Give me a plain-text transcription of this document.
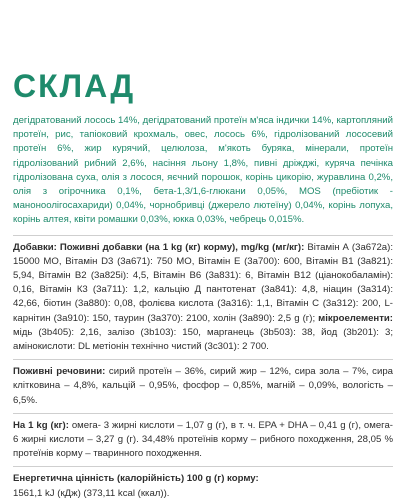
СКЛАД

дегідратований лосось 14%, дегідратований протеїн м'яса індички 14%, картопляний протеїн, рис, тапіоковий крохмаль, овес, лосось 6%, гідролізований лососевий протеїн 6%, жир курячий, целюлоза, м'якоть буряка, мінерали, протеїн гідролізований рибний 2,6%, насіння льону 1,8%, пивні дріжджі, куряча печінка гідролізована суха, олія з лосося, яєчний порошок, корінь цикорію, журавлина 0,2%, олія з огірочника 0,1%, бета-1,3/1,6-глюкани 0,05%, MOS (пребіотик - маноноолігосахариди) 0,04%, чорнобривці (джерело лютеїну) 0,04%, корінь лопуха, корінь алтея, квіти ромашки 0,03%, юкка 0,03%, чебрець 0,015%.

Добавки: Поживні добавки (на 1 kg (кг) корму), mg/kg (мг/кг): Вітамін А (3а672а): 15000 МО, Вітамін D3 (3а671): 750 МО, Вітамін Е (3а700): 600, Вітамін В1 (3а821): 5,94, Вітамін В2 (3а825i): 4,5, Вітамін В6 (3а831): 6, Вітамін В12 (ціанокобаламін): 0,16, Вітамін К3 (3а711): 1,2, кальцію Д пантотенат (3а841): 4,8, ніацин (3а314): 42,66, біотин (3а880): 0,08, фолієва кислота (3а316): 1,1, Вітамін С (3а312): 200, L-карнітин (3а910): 150, таурин (3а370): 2100, холін (3а890): 2,5 g (г); мікроелементи: мідь (3b405): 2,16, залізо (3b103): 150, марганець (3b503): 38, йод (3b201): 3; амінокислоти: DL метіонін технічно чистий (3с301): 2 700.

Поживні речовини: сирий протеїн – 36%, сирий жир – 12%, сира зола – 7%, сира клітковина – 4,8%, кальцій – 0,95%, фосфор – 0,85%, магній – 0,09%, вологість – 6,5%.

На 1 kg (кг): омега- 3 жирні кислоти – 1,07 g (г), в т. ч. EPA + DHA – 0,41 g (г), омега- 6 жирні кислоти – 3,27 g (г). 34,48% протеїнів корму – рибного походження, 28,05 % протеїнів корму – тваринного походження.

Енергетична цінність (калорійність) 100 g (г) корму:
1561,1 kJ (кДж) (373,11 kcal (ккал)).
